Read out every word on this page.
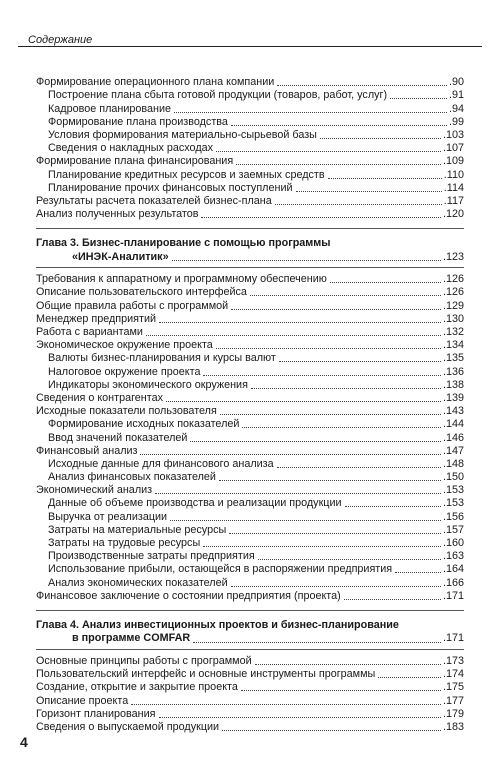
Содержание
Формирование операционного плана компании	.90
Построение плана сбыта готовой продукции (товаров, работ, услуг)	.91
Кадровое планирование	.94
Формирование плана производства	.99
Условия формирования материально-сырьевой базы	.103
Сведения о накладных расходах	.107
Формирование плана финансирования	.109
Планирование кредитных ресурсов и заемных средств	.110
Планирование прочих финансовых поступлений	.114
Результаты расчета показателей бизнес-плана	.117
Анализ полученных результатов	.120
Глава 3. Бизнес-планирование с помощью программы
«ИНЭК-Аналитик»	.123
Требования к аппаратному и программному обеспечению	.126
Описание пользовательского интерфейса	.126
Общие правила работы с программой	.129
Менеджер предприятий	.130
Работа с вариантами	.132
Экономическое окружение проекта	.134
Валюты бизнес-планирования и курсы валют	.135
Налоговое окружение проекта	.136
Индикаторы экономического окружения	.138
Сведения о контрагентах	.139
Исходные показатели пользователя	.143
Формирование исходных показателей	.144
Ввод значений показателей	.146
Финансовый анализ	.147
Исходные данные для финансового анализа	.148
Анализ финансовых показателей	.150
Экономический анализ	.153
Данные об объеме производства и реализации продукции	.153
Выручка от реализации	.156
Затраты на материальные ресурсы	.157
Затраты на трудовые ресурсы	.160
Производственные затраты предприятия	.163
Использование прибыли, остающейся в распоряжении предприятия	.164
Анализ экономических показателей	.166
Финансовое заключение о состоянии предприятия (проекта)	.171
Глава 4. Анализ инвестиционных проектов и бизнес-планирование
в программе COMFAR	.171
Основные принципы работы с программой	.173
Пользовательский интерфейс и основные инструменты программы	.174
Создание, открытие и закрытие проекта	.175
Описание проекта	.177
Горизонт планирования	.179
Сведения о выпускаемой продукции	.183
4
